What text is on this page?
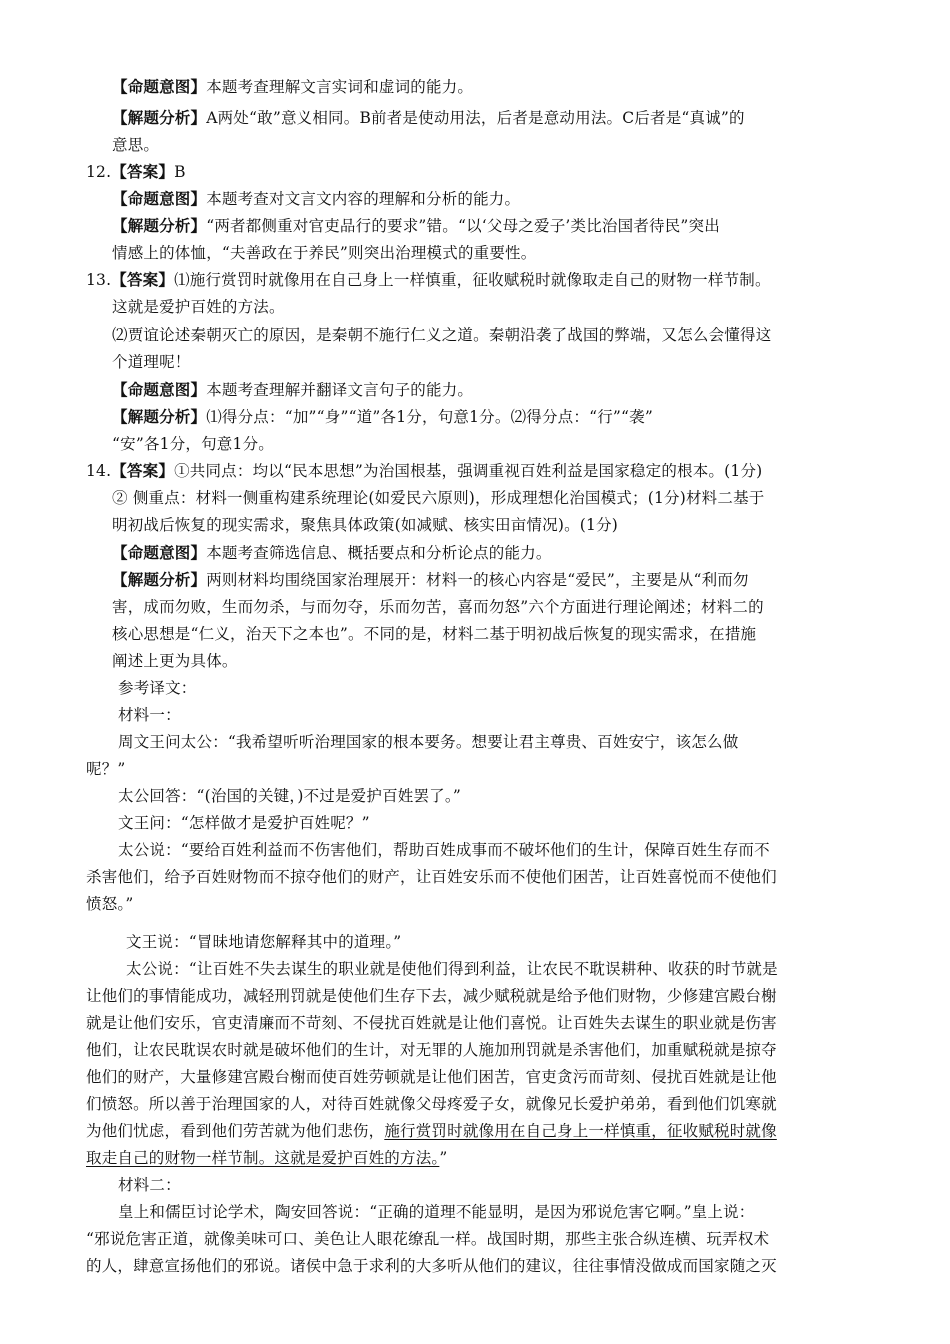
【命题意图】本题考查理解文言实词和虚词的能力。
【解题分析】A两处“敢”意义相同。B前者是使动用法，后者是意动用法。C后者是“真诚”的
意思。
12.【答案】B
【命题意图】本题考查对文言文内容的理解和分析的能力。
【解题分析】“两者都侧重对官吏品行的要求”错。“以‘父母之爱子’类比治国者待民”突出
情感上的体恤，“夫善政在于养民”则突出治理模式的重要性。
13.【答案】⑴施行赏罚时就像用在自己身上一样慎重，征收赋税时就像取走自己的财物一样节制。
这就是爱护百姓的方法。
⑵贾谊论述秦朝灭亡的原因，是秦朝不施行仁义之道。秦朝沿袭了战国的弊端，又怎么会懂得这
个道理呢！
【命题意图】本题考查理解并翻译文言句子的能力。
【解题分析】⑴得分点：“加”“身”“道”各1分，句意1分。⑵得分点：“行”“袭”
“安”各1分，句意1分。
14.【答案】①共同点：均以“民本思想”为治国根基，强调重视百姓利益是国家稳定的根本。(1分)
② 侧重点：材料一侧重构建系统理论(如爱民六原则)，形成理想化治国模式；(1分)材料二基于
明初战后恢复的现实需求，聚焦具体政策(如减赋、核实田亩情况)。(1分)
【命题意图】本题考查筛选信息、概括要点和分析论点的能力。
【解题分析】两则材料均围绕国家治理展开：材料一的核心内容是“爱民”，主要是从“利而勿
害，成而勿败，生而勿杀，与而勿夺，乐而勿苦，喜而勿怒”六个方面进行理论阐述；材料二的
核心思想是“仁义，治天下之本也”。不同的是，材料二基于明初战后恢复的现实需求，在措施
阐述上更为具体。
参考译文：
材料一：
周文王问太公：“我希望听听治理国家的根本要务。想要让君主尊贵、百姓安宁，该怎么做
呢？”
太公回答：“(治国的关键，)不过是爱护百姓罢了。”
文王问：“怎样做才是爱护百姓呢？”
太公说：“要给百姓利益而不伤害他们，帮助百姓成事而不破坏他们的生计，保障百姓生存而不
杀害他们，给予百姓财物而不掠夺他们的财产，让百姓安乐而不使他们困苦，让百姓喜悦而不使他们
愤怒。”
文王说：“冒昧地请您解释其中的道理。”
太公说：“让百姓不失去谋生的职业就是使他们得到利益，让农民不耽误耕种、收获的时节就是
让他们的事情能成功，减轻刑罚就是使他们生存下去，减少赋税就是给予他们财物，少修建宫殿台榭
就是让他们安乐，官吏清廉而不苛刻、不侵扰百姓就是让他们喜悦。让百姓失去谋生的职业就是伤害
他们，让农民耽误农时就是破坏他们的生计，对无罪的人施加刑罚就是杀害他们，加重赋税就是掠夺
他们的财产，大量修建宫殿台榭而使百姓劳顿就是让他们困苦，官吏贪污而苛刻、侵扰百姓就是让他
们愤怒。所以善于治理国家的人，对待百姓就像父母疼爱子女，就像兄长爱护弟弟，看到他们饥寒就
为他们忧虑，看到他们劳苦就为他们悲伤，施行赏罚时就像用在自己身上一样慎重，征收赋税时就像
取走自己的财物一样节制。这就是爱护百姓的方法。”
材料二：
皇上和儒臣讨论学术，陶安回答说：“正确的道理不能显明，是因为邪说危害它啊。”皇上说：
“邪说危害正道，就像美味可口、美色让人眼花缭乱一样。战国时期，那些主张合纵连横、玩弄权术
的人，肆意宣扬他们的邪说。诸侯中急于求利的大多听从他们的建议，往往事情没做成而国家随之灭
